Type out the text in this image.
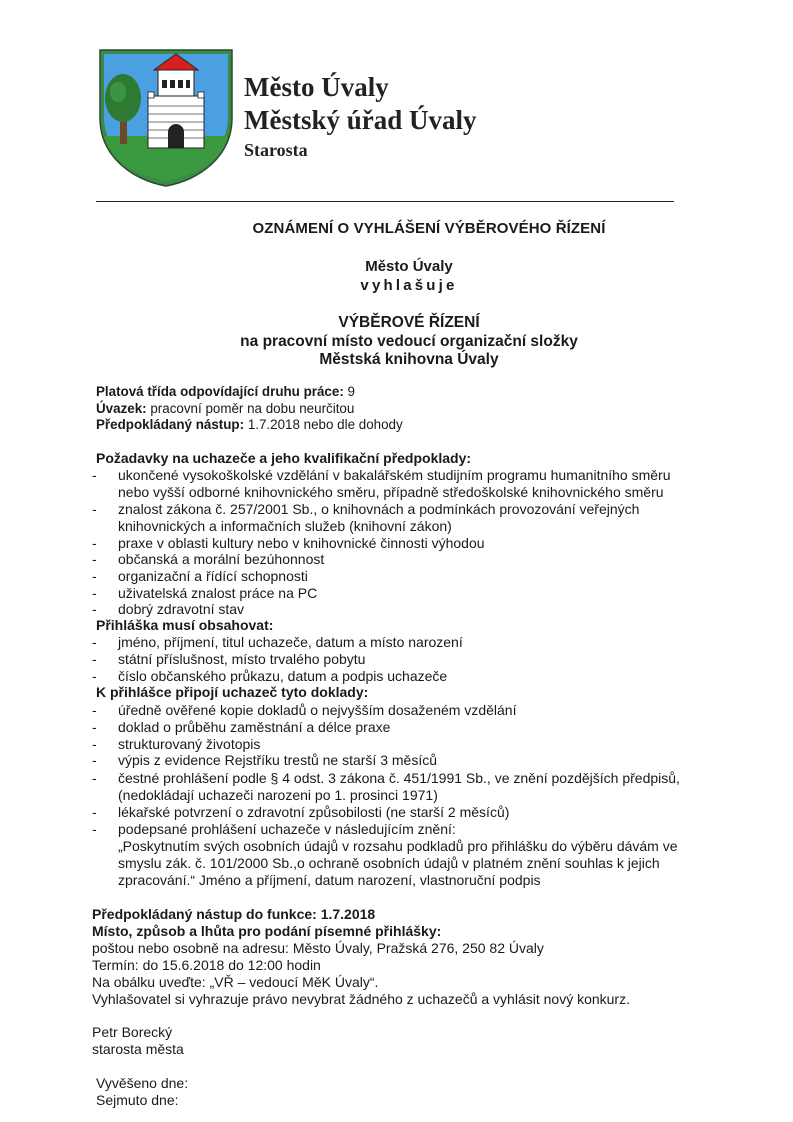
Město Úvaly
Městský úřad Úvaly
Starosta
OZNÁMENÍ O VYHLÁŠENÍ VÝBĚROVÉHO ŘÍZENÍ
Město Úvaly
vyhlašuje
VÝBĚROVÉ ŘÍZENÍ
na pracovní místo vedoucí organizační složky
Městská knihovna Úvaly
Platová třída odpovídající druhu práce: 9
Úvazek: pracovní poměr na dobu neurčitou
Předpokládaný nástup: 1.7.2018 nebo dle dohody
Požadavky na uchazeče a jeho kvalifikační předpoklady:
-	ukončené vysokoškolské vzdělání v bakalářském studijním programu humanitního směru
nebo vyšší odborné knihovnického směru, případně středoškolské knihovnického směru
-	znalost zákona č. 257/2001 Sb., o knihovnách a podmínkách provozování veřejných
knihovnických a informačních služeb (knihovní zákon)
-	praxe v oblasti kultury nebo v knihovnické činnosti výhodou
-	občanská a morální bezúhonnost
-	organizační a řídící schopnosti
-	uživatelská znalost práce na PC
-	dobrý zdravotní stav
Přihláška musí obsahovat:
-	jméno, příjmení, titul uchazeče, datum a místo narození
-	státní příslušnost, místo trvalého pobytu
-	číslo občanského průkazu, datum a podpis uchazeče
K přihlášce připojí uchazeč tyto doklady:
-	úředně ověřené kopie dokladů o nejvyšším dosaženém vzdělání
-	doklad o průběhu zaměstnání a délce praxe
-	strukturovaný životopis
-	výpis z evidence Rejstříku trestů ne starší 3 měsíců
-	čestné prohlášení podle § 4 odst. 3 zákona č. 451/1991 Sb., ve znění pozdějších předpisů,
(nedokládají uchazeči narozeni po 1. prosinci 1971)
-	lékařské potvrzení o zdravotní způsobilosti (ne starší 2 měsíců)
-	podepsané prohlášení uchazeče v následujícím znění:
„Poskytnutím svých osobních údajů v rozsahu podkladů pro přihlášku do výběru dávám ve
smyslu zák. č. 101/2000 Sb.,o ochraně osobních údajů v platném znění souhlas k jejich
zpracování.“ Jméno a příjmení, datum narození, vlastnoruční podpis
Předpokládaný nástup do funkce: 1.7.2018
Místo, způsob a lhůta pro podání písemné přihlášky:
poštou nebo osobně na adresu: Město Úvaly, Pražská 276, 250 82 Úvaly
Termín: do 15.6.2018 do 12:00 hodin
Na obálku uveďte: „VŘ – vedoucí MěK Úvaly“.
Vyhlašovatel si vyhrazuje právo nevybrat žádného z uchazečů a vyhlásit nový konkurz.
Petr Borecký
starosta města
Vyvěšeno dne:
Sejmuto dne:
